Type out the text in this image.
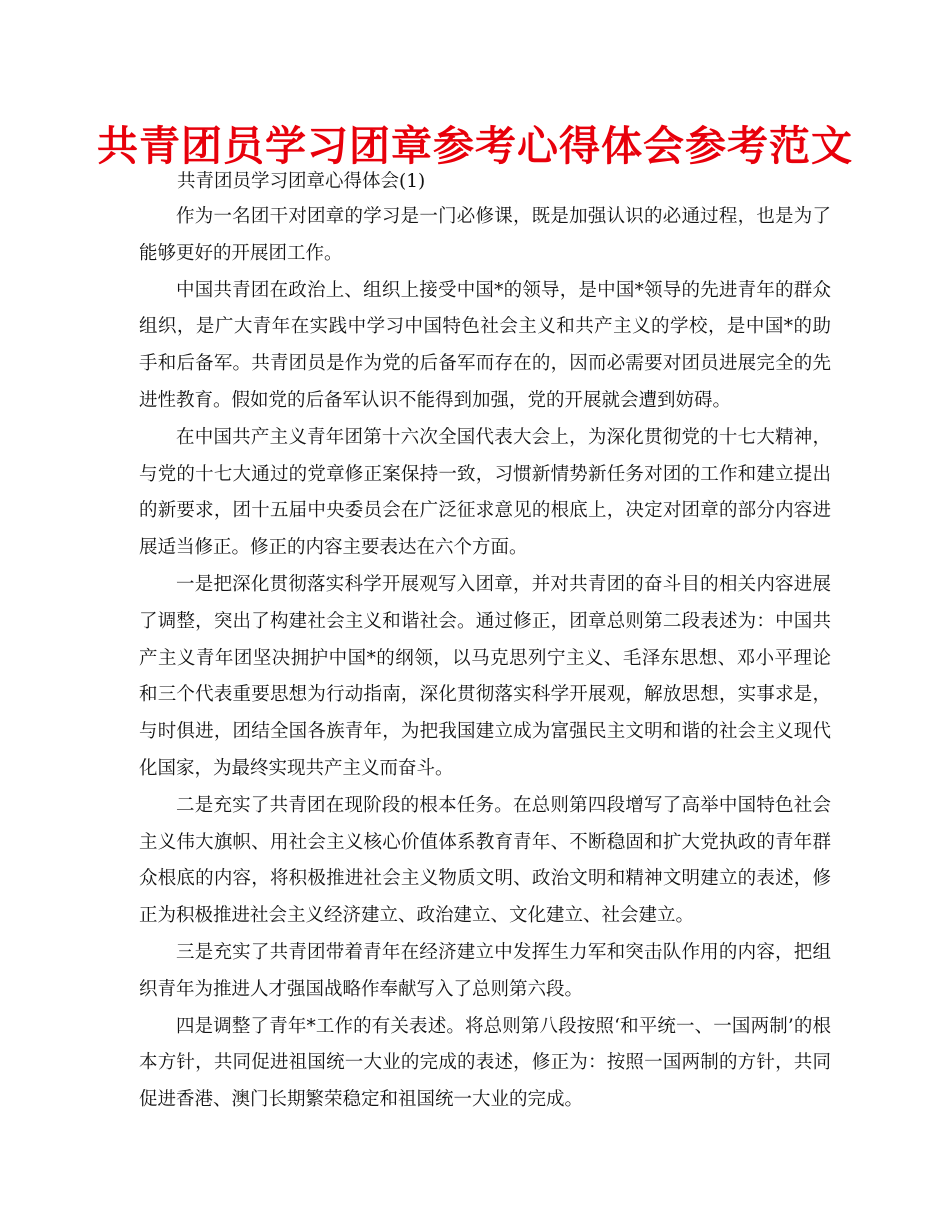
共青团员学习团章参考心得体会参考范文

共青团员学习团章心得体会(1)

作为一名团干对团章的学习是一门必修课，既是加强认识的必通过程，也是为了能够更好的开展团工作。

中国共青团在政治上、组织上接受中国*的领导，是中国*领导的先进青年的群众组织，是广大青年在实践中学习中国特色社会主义和共产主义的学校，是中国*的助手和后备军。共青团员是作为党的后备军而存在的，因而必需要对团员进展完全的先进性教育。假如党的后备军认识不能得到加强，党的开展就会遭到妨碍。

在中国共产主义青年团第十六次全国代表大会上，为深化贯彻党的十七大精神，与党的十七大通过的党章修正案保持一致，习惯新情势新任务对团的工作和建立提出的新要求，团十五届中央委员会在广泛征求意见的根底上，决定对团章的部分内容进展适当修正。修正的内容主要表达在六个方面。

一是把深化贯彻落实科学开展观写入团章，并对共青团的奋斗目的相关内容进展了调整，突出了构建社会主义和谐社会。通过修正，团章总则第二段表述为：中国共产主义青年团坚决拥护中国*的纲领，以马克思列宁主义、毛泽东思想、邓小平理论和三个代表重要思想为行动指南，深化贯彻落实科学开展观，解放思想，实事求是，与时俱进，团结全国各族青年，为把我国建立成为富强民主文明和谐的社会主义现代化国家，为最终实现共产主义而奋斗。

二是充实了共青团在现阶段的根本任务。在总则第四段增写了高举中国特色社会主义伟大旗帜、用社会主义核心价值体系教育青年、不断稳固和扩大党执政的青年群众根底的内容，将积极推进社会主义物质文明、政治文明和精神文明建立的表述，修正为积极推进社会主义经济建立、政治建立、文化建立、社会建立。

三是充实了共青团带着青年在经济建立中发挥生力军和突击队作用的内容，把组织青年为推进人才强国战略作奉献写入了总则第六段。

四是调整了青年*工作的有关表述。将总则第八段按照‘和平统一、一国两制’的根本方针，共同促进祖国统一大业的完成的表述，修正为：按照一国两制的方针，共同促进香港、澳门长期繁荣稳定和祖国统一大业的完成。
